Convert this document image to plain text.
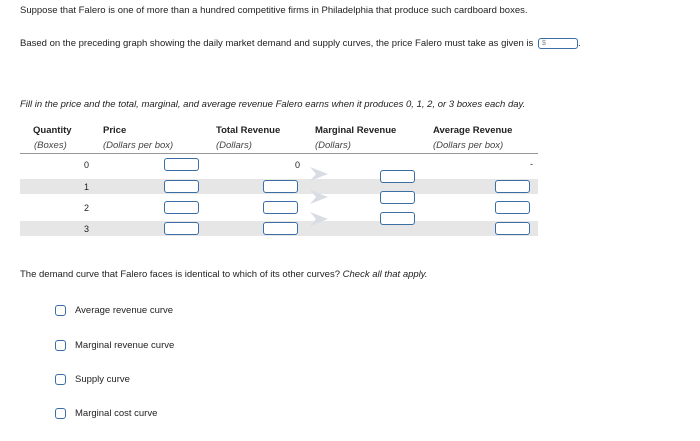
Suppose that Falero is one of more than a hundred competitive firms in Philadelphia that produce such cardboard boxes.
Based on the preceding graph showing the daily market demand and supply curves, the price Falero must take as given is $	.
Fill in the price and the total, marginal, and average revenue Falero earns when it produces 0, 1, 2, or 3 boxes each day.
Quantity
(Boxes)
Price
(Dollars per box)
Total Revenue
(Dollars)
Marginal Revenue
(Dollars)
Average Revenue
(Dollars per box)
0
1
2
3
0	-
The demand curve that Falero faces is identical to which of its other curves? Check all that apply.
Average revenue curve
Marginal revenue curve
Supply curve
Marginal cost curve
